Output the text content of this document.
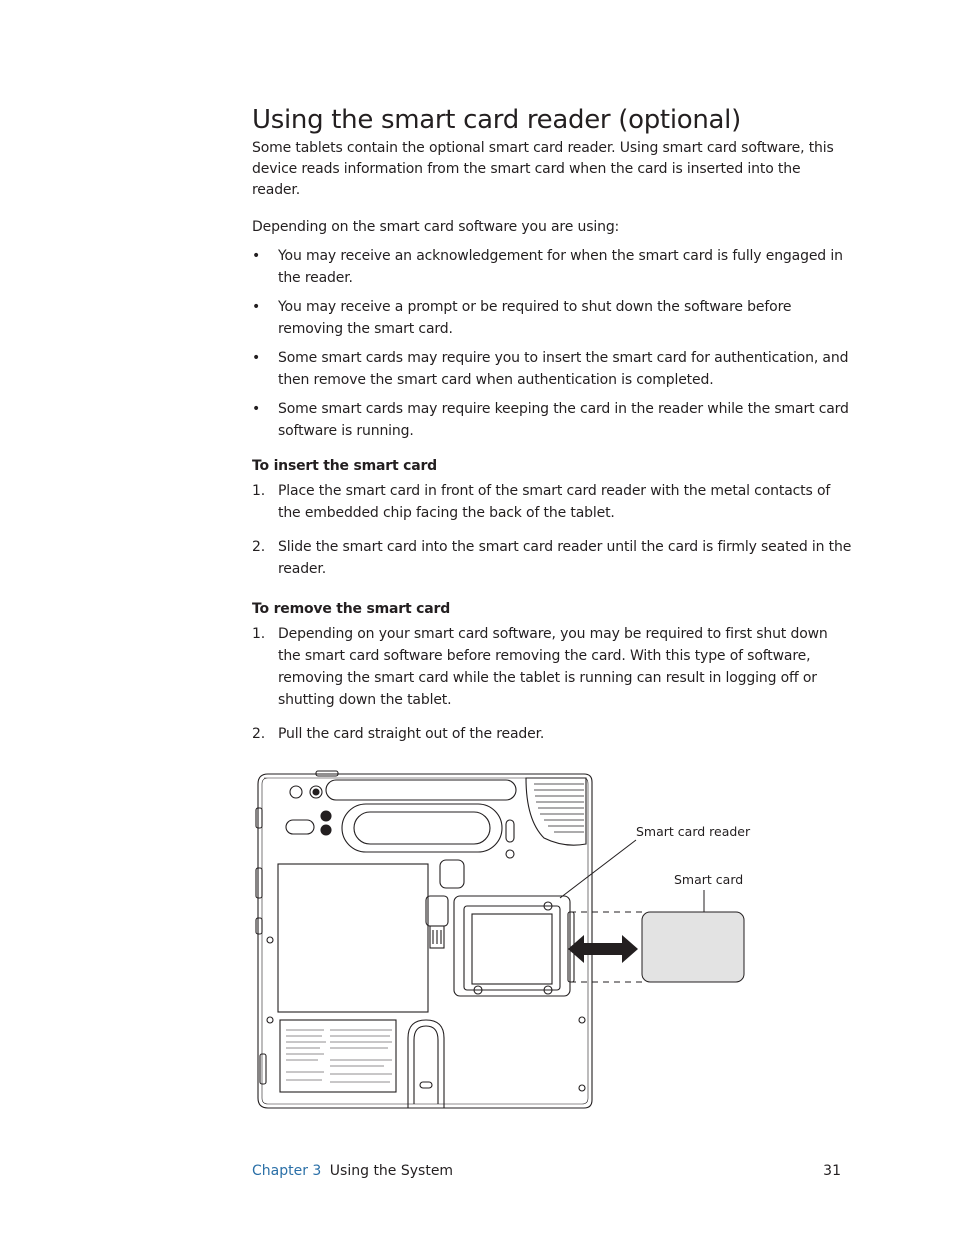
Using the smart card reader (optional)

Some tablets contain the optional smart card reader. Using smart card software, this device reads information from the smart card when the card is inserted into the reader.

Depending on the smart card software you are using:

• You may receive an acknowledgement for when the smart card is fully engaged in the reader.
• You may receive a prompt or be required to shut down the software before removing the smart card.
• Some smart cards may require you to insert the smart card for authentication, and then remove the smart card when authentication is completed.
• Some smart cards may require keeping the card in the reader while the smart card software is running.
To insert the smart card
1. Place the smart card in front of the smart card reader with the metal contacts of the embedded chip facing the back of the tablet.
2. Slide the smart card into the smart card reader until the card is firmly seated in the reader.
To remove the smart card
1. Depending on your smart card software, you may be required to first shut down the smart card software before removing the card. With this type of software, removing the smart card while the tablet is running can result in logging off or shutting down the tablet.
2. Pull the card straight out of the reader.
Smart card reader
Smart card
Chapter 3 Using the System	31
